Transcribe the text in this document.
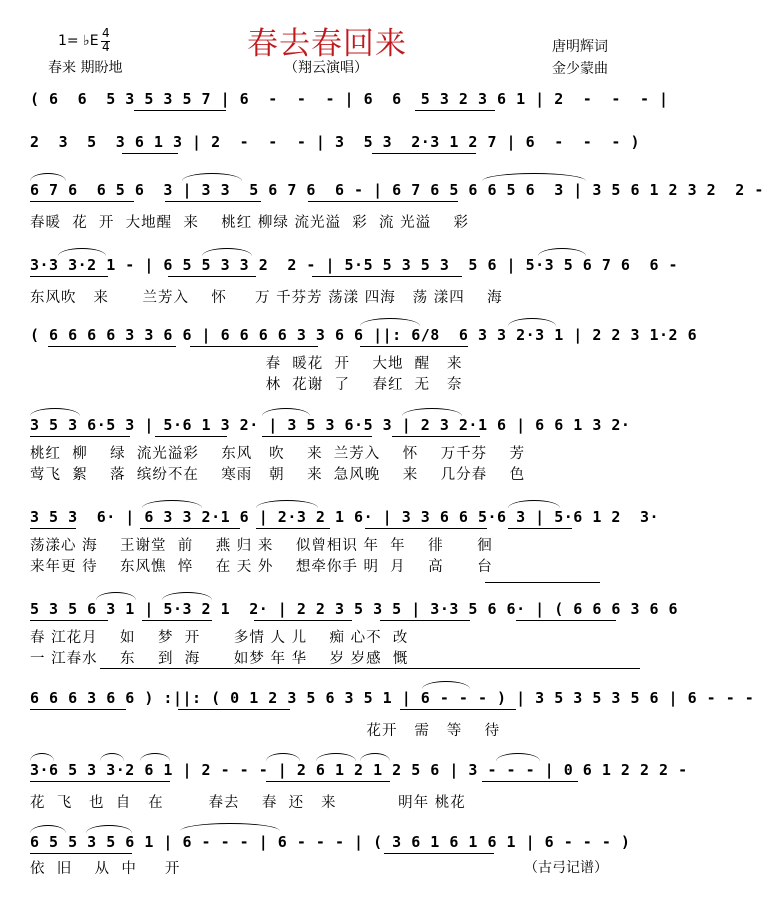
春去春回来
1= ♭E 4
4
春来 期盼地	（翔云演唱）
唐明辉词
金少蒙曲
( 6  6  5 3 5 3 5 7 | 6  -  -  - | 6  6  5 3 2 3 6 1 | 2  -  -  - |
2  3  5  3 6 1 3 | 2  -  -  - | 3  5 3  2·3 1 2 7 | 6  -  -  - )
6 7 6  6 5 6  3 | 3 3  5 6 7 6  6 - | 6 7 6 5 6 6 5 6  3 | 3 5 6 1 2 3 2  2 -
春暖  花  开  大地醒  来    桃红 柳绿 流光溢  彩  流 光溢    彩
3·3 3·2 1 - | 6 5 5 3 3 2  2 - | 5·5 5 3 5 3  5 6 | 5·3 5 6 7 6  6 -
东风吹   来      兰芳入    怀     万 千芬芳 荡漾 四海   荡 漾四    海
( 6 6 6 6 3 3 6 6 | 6 6 6 6 3 3 6 6 ||: 6/8  6 3 3 2·3 1 | 2 2 3 1·2 6
春  暖花  开    大地  醒   来
林  花谢  了    春红  无   奈
3 5 3 6·5 3 | 5·6 1 3 2· | 3 5 3 6·5 3 | 2 3 2·1 6 | 6 6 1 3 2·
桃红  柳    绿  流光溢彩    东风   吹    来  兰芳入    怀    万千芬    芳
莺飞  絮    落  缤纷不在    寒雨   朝    来  急风晚    来    几分春    色
3 5 3  6· | 6 3 3 2·1 6 | 2·3 2 1 6· | 3 3 6 6 5·6 3 | 5·6 1 2  3·
荡漾心 海    王谢堂  前    燕 归 来    似曾相识 年  年    徘      徊
来年更 待    东风憔  悴    在 天 外    想牵你手 明  月    高      台
5 3 5 6 3 1 | 5·3 2 1  2· | 2 2 3 5 3 5 | 3·3 5 6 6· | ( 6 6 6 3 6 6
春 江花月    如    梦  开      多情 人 儿    痴 心不  改
一 江春水    东    到  海      如梦 年 华    岁 岁感  慨
6 6 6 3 6 6 ) :||: ( 0 1 2 3 5 6 3 5 1 | 6 - - - ) | 3 5 3 5 3 5 6 | 6 - - -
花开   需   等    待
3·6 5 3 3·2 6 1 | 2 - - - | 2 6 1 2 1 2 5 6 | 3 - - - | 0 6 1 2 2 2 -
花  飞   也  自   在        春去    春  还   来           明年 桃花
6 5 5 3 5 6 1 | 6 - - - | 6 - - - | ( 3 6 1 6 1 6 1 | 6 - - - )
依  旧    从  中     开	（古弓记谱）
